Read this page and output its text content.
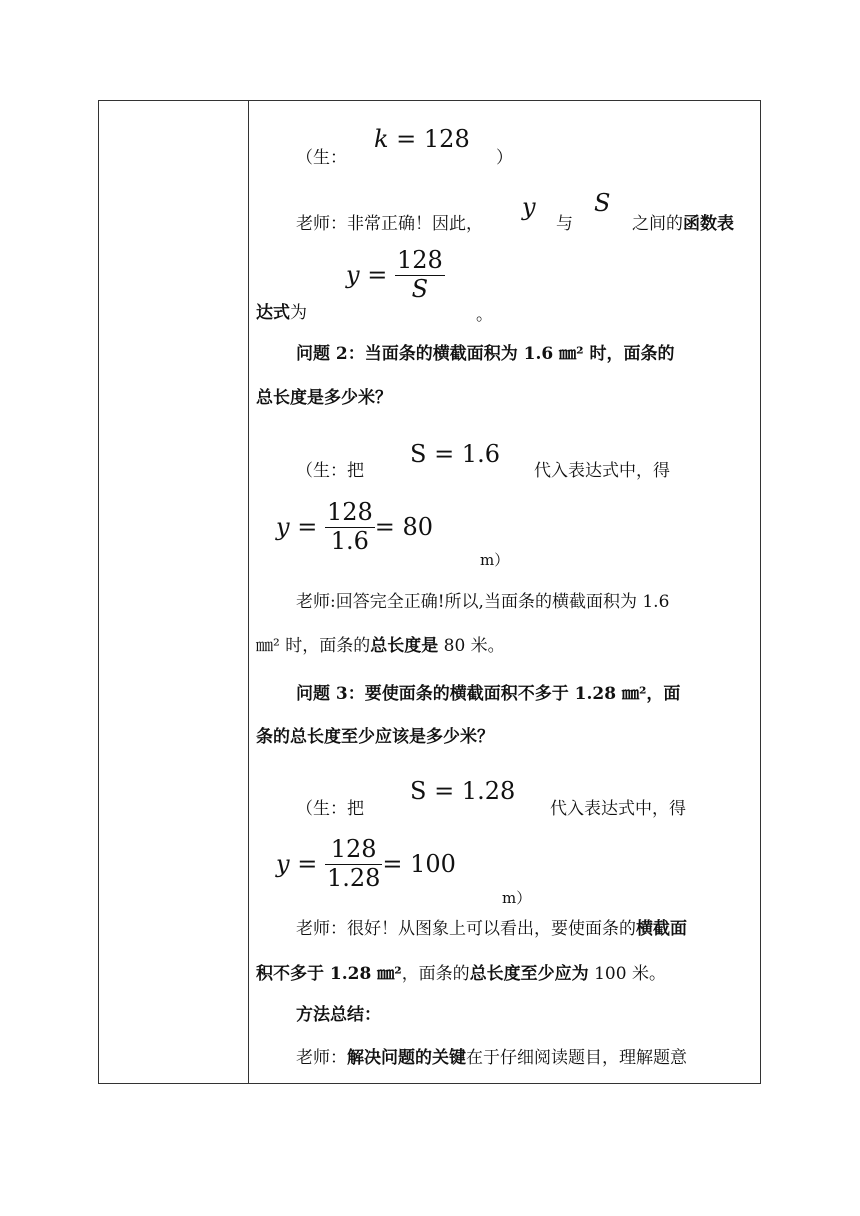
（生：
k = 128
）
老师：非常正确！因此，
y
与
S
之间的函数表
$y = \frac{128}{S}$
达式为	。
问题 2：当面条的横截面积为 1.6 ㎜² 时，面条的
总长度是多少米？
（生：把
S = 1.6
代入表达式中，得
$y = \frac{128}{1.6} = 80$
m）
老师:回答完全正确!所以,当面条的横截面积为 1.6
㎜² 时，面条的总长度是 80 米。
问题 3：要使面条的横截面积不多于 1.28 ㎜²，面
条的总长度至少应该是多少米？
（生：把
S = 1.28
代入表达式中，得
$y = \frac{128}{1.28} = 100$
m）
老师：很好！从图象上可以看出，要使面条的横截面
积不多于 1.28 ㎜²，面条的总长度至少应为 100 米。
方法总结：
老师：解决问题的关键在于仔细阅读题目，理解题意
